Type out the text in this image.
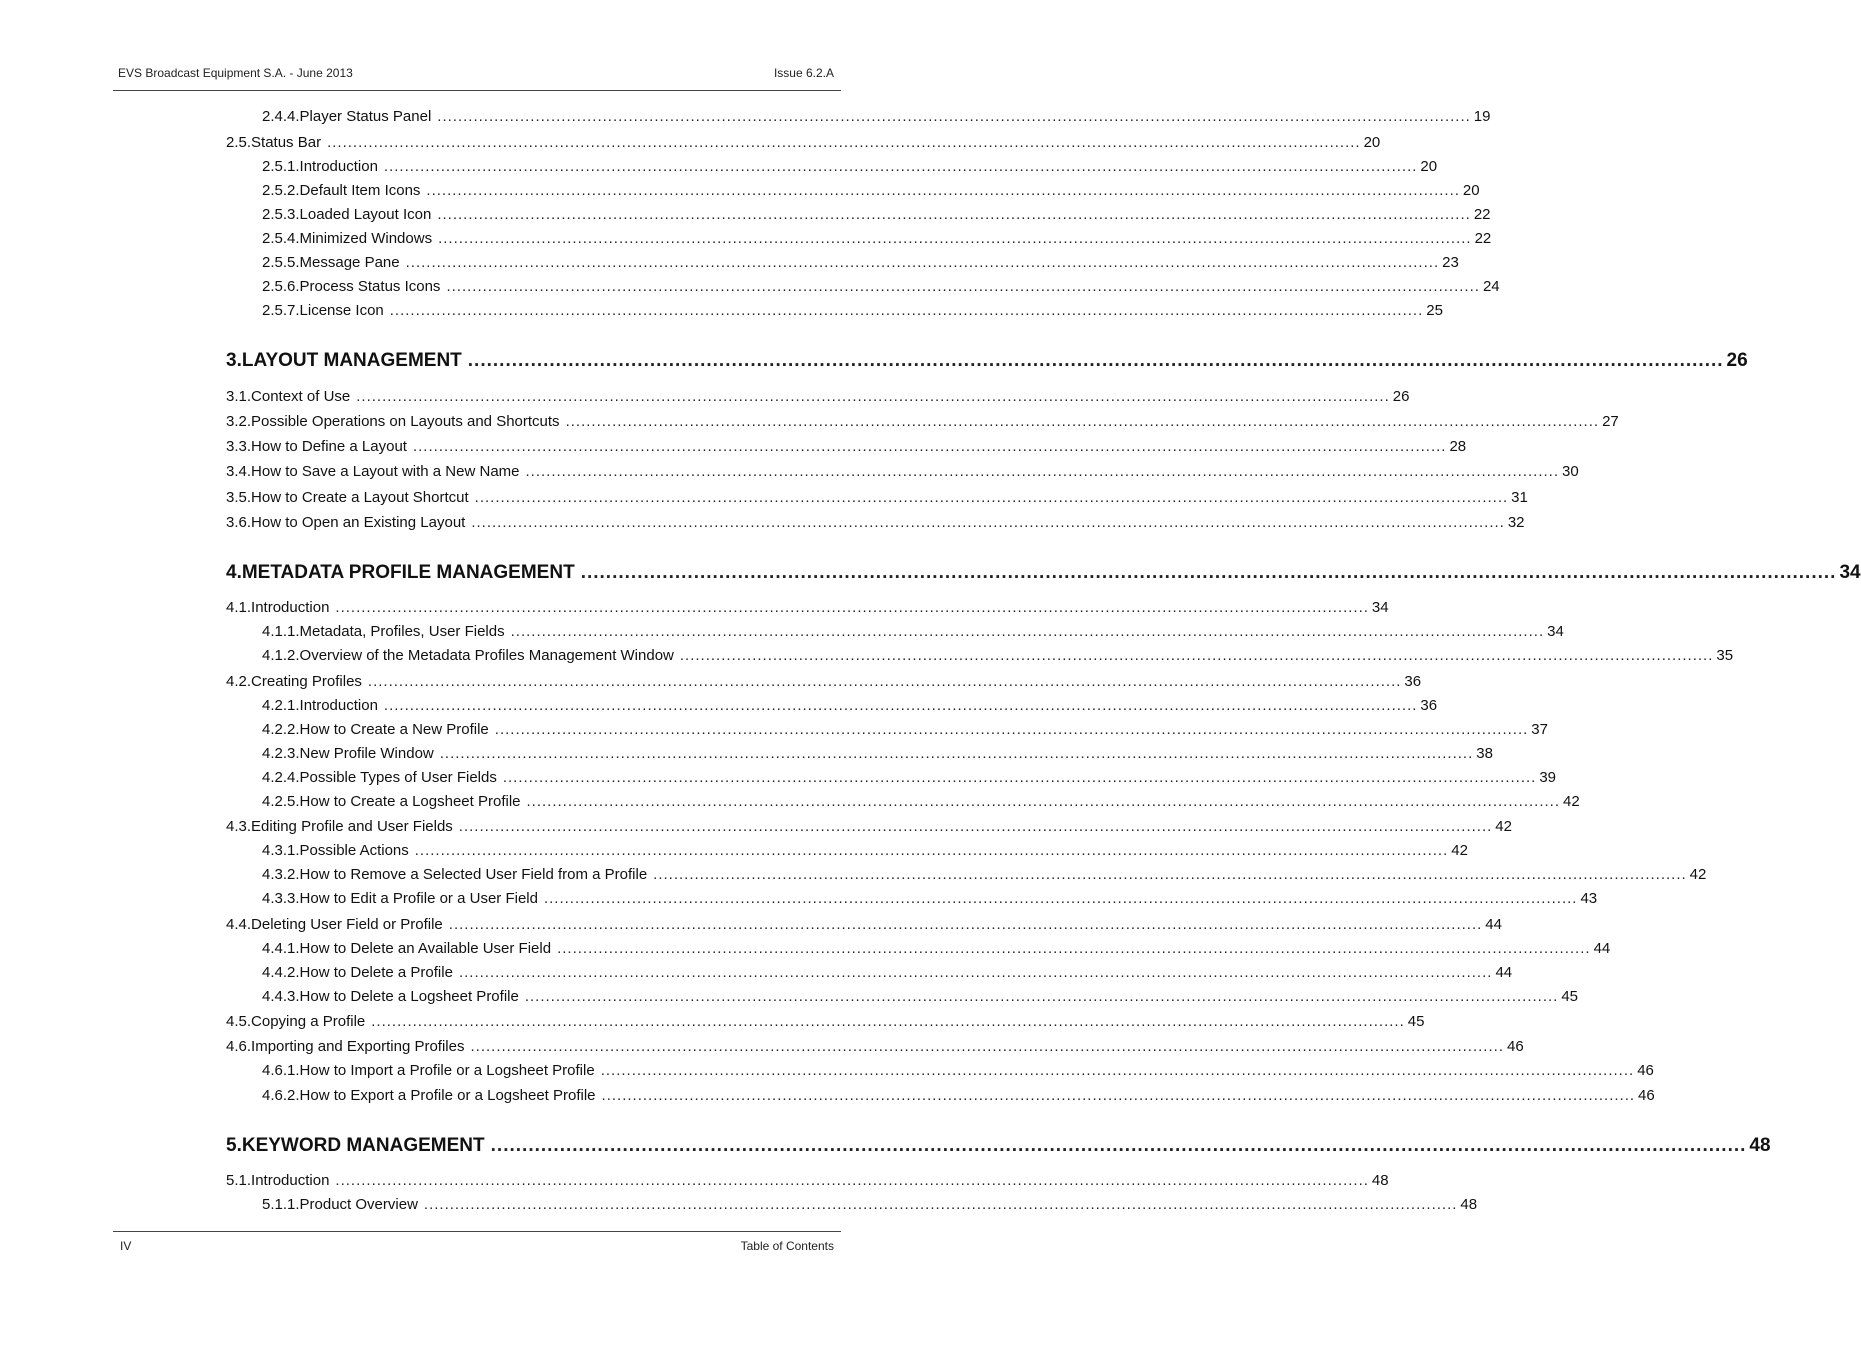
EVS Broadcast Equipment S.A. - June 2013	Issue 6.2.A
2.4.4. Player Status Panel ........................................................................................................................................................................................................ 19
2.5. Status Bar ........................................................................................................................................................................................................ 20
2.5.1. Introduction ........................................................................................................................................................................................................ 20
2.5.2. Default Item Icons ........................................................................................................................................................................................................ 20
2.5.3. Loaded Layout Icon ........................................................................................................................................................................................................ 22
2.5.4. Minimized Windows ........................................................................................................................................................................................................ 22
2.5.5. Message Pane ........................................................................................................................................................................................................ 23
2.5.6. Process Status Icons ........................................................................................................................................................................................................ 24
2.5.7. License Icon ........................................................................................................................................................................................................ 25
3. LAYOUT MANAGEMENT ........................................................................................................................................................................................................ 26
3.1. Context of Use ........................................................................................................................................................................................................ 26
3.2. Possible Operations on Layouts and Shortcuts ........................................................................................................................................................................................................ 27
3.3. How to Define a Layout ........................................................................................................................................................................................................ 28
3.4. How to Save a Layout with a New Name ........................................................................................................................................................................................................ 30
3.5. How to Create a Layout Shortcut ........................................................................................................................................................................................................ 31
3.6. How to Open an Existing Layout ........................................................................................................................................................................................................ 32
4. METADATA PROFILE MANAGEMENT ........................................................................................................................................................................................................ 34
4.1. Introduction ........................................................................................................................................................................................................ 34
4.1.1. Metadata, Profiles, User Fields ........................................................................................................................................................................................................ 34
4.1.2. Overview of the Metadata Profiles Management Window ........................................................................................................................................................................................................ 35
4.2. Creating Profiles ........................................................................................................................................................................................................ 36
4.2.1. Introduction ........................................................................................................................................................................................................ 36
4.2.2. How to Create a New Profile ........................................................................................................................................................................................................ 37
4.2.3. New Profile Window ........................................................................................................................................................................................................ 38
4.2.4. Possible Types of User Fields ........................................................................................................................................................................................................ 39
4.2.5. How to Create a Logsheet Profile ........................................................................................................................................................................................................ 42
4.3. Editing Profile and User Fields ........................................................................................................................................................................................................ 42
4.3.1. Possible Actions ........................................................................................................................................................................................................ 42
4.3.2. How to Remove a Selected User Field from a Profile ........................................................................................................................................................................................................ 42
4.3.3. How to Edit a Profile or a User Field ........................................................................................................................................................................................................ 43
4.4. Deleting User Field or Profile ........................................................................................................................................................................................................ 44
4.4.1. How to Delete an Available User Field ........................................................................................................................................................................................................ 44
4.4.2. How to Delete a Profile ........................................................................................................................................................................................................ 44
4.4.3. How to Delete a Logsheet Profile ........................................................................................................................................................................................................ 45
4.5. Copying a Profile ........................................................................................................................................................................................................ 45
4.6. Importing and Exporting Profiles ........................................................................................................................................................................................................ 46
4.6.1. How to Import a Profile or a Logsheet Profile ........................................................................................................................................................................................................ 46
4.6.2. How to Export a Profile or a Logsheet Profile ........................................................................................................................................................................................................ 46
5. KEYWORD MANAGEMENT ........................................................................................................................................................................................................ 48
5.1. Introduction ........................................................................................................................................................................................................ 48
5.1.1. Product Overview ........................................................................................................................................................................................................ 48
IV	Table of Contents
